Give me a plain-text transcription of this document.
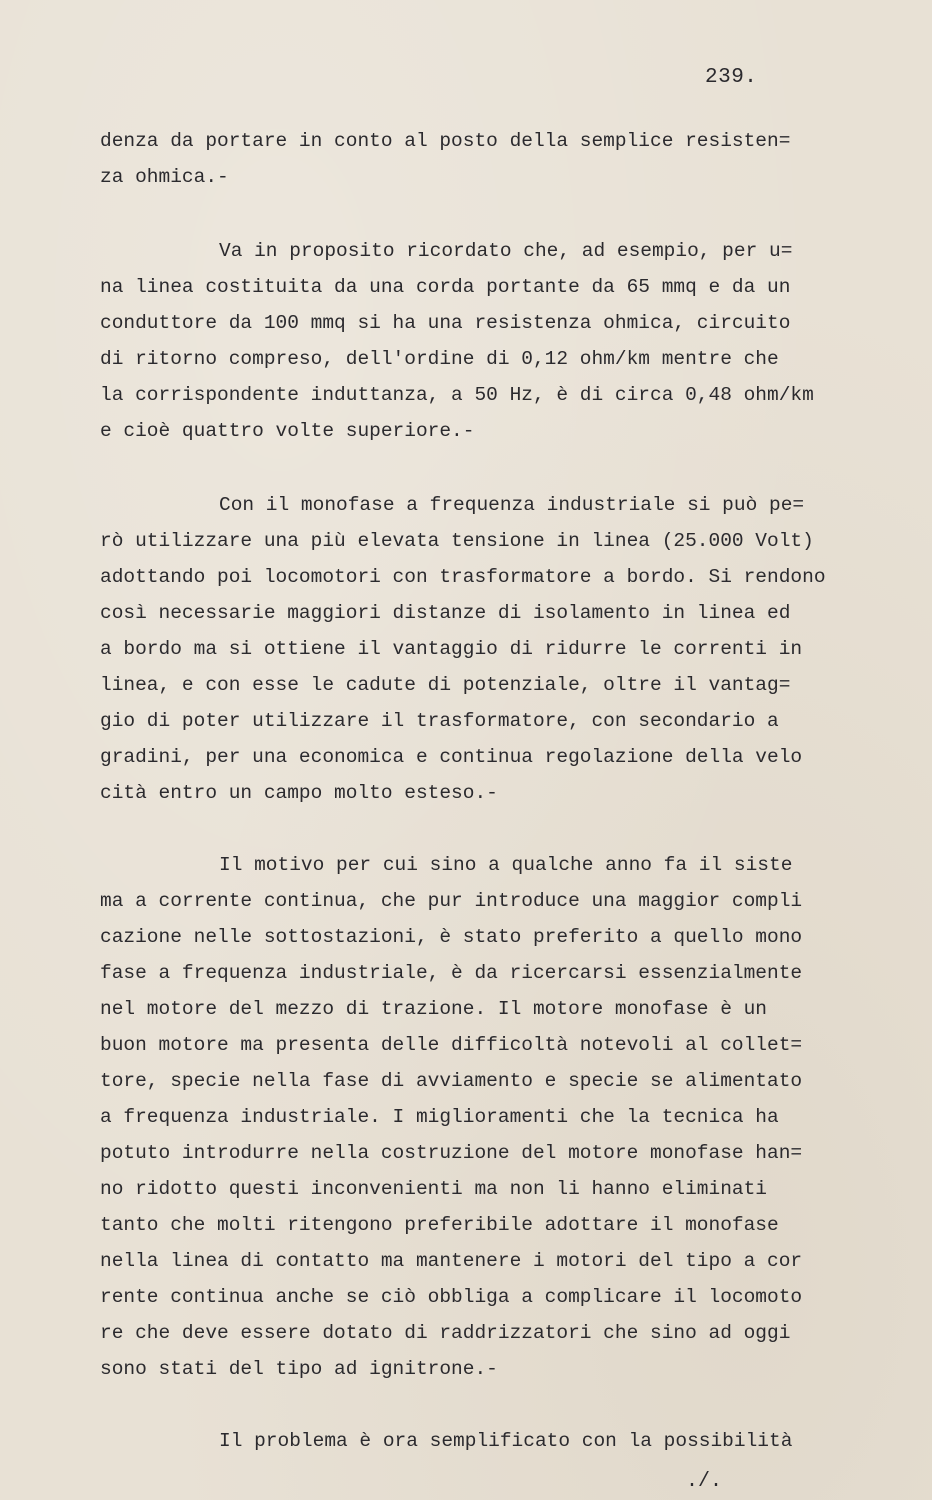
239.
denza da portare in conto al posto della semplice resisten=
za ohmica.-
Va in proposito ricordato che, ad esempio, per u=
na linea costituita da una corda portante da 65 mmq e da un
conduttore da 100 mmq si ha una resistenza ohmica, circuito
di ritorno compreso, dell'ordine di 0,12 ohm/km mentre che
la corrispondente induttanza, a 50 Hz, è di circa 0,48 ohm/km
e cioè quattro volte superiore.-
Con il monofase a frequenza industriale si può pe=
rò utilizzare una più elevata tensione in linea (25.000 Volt)
adottando poi locomotori con trasformatore a bordo. Si rendono
così necessarie maggiori distanze di isolamento in linea ed
a bordo ma si ottiene il vantaggio di ridurre le correnti in
linea, e con esse le cadute di potenziale, oltre il vantag=
gio di poter utilizzare il trasformatore, con secondario a
gradini, per una economica e continua regolazione della velo
cità entro un campo molto esteso.-
Il motivo per cui sino a qualche anno fa il siste
ma a corrente continua, che pur introduce una maggior compli
cazione nelle sottostazioni, è stato preferito a quello mono
fase a frequenza industriale, è da ricercarsi essenzialmente
nel motore del mezzo di trazione. Il motore monofase è un
buon motore ma presenta delle difficoltà notevoli al collet=
tore, specie nella fase di avviamento e specie se alimentato
a frequenza industriale. I miglioramenti che la tecnica ha
potuto introdurre nella costruzione del motore monofase han=
no ridotto questi inconvenienti ma non li hanno eliminati
tanto che molti ritengono preferibile adottare il monofase
nella linea di contatto ma mantenere i motori del tipo a cor
rente continua anche se ciò obbliga a complicare il locomoto
re che deve essere dotato di raddrizzatori che sino ad oggi
sono stati del tipo ad ignitrone.-
Il problema è ora semplificato con la possibilità
./.
